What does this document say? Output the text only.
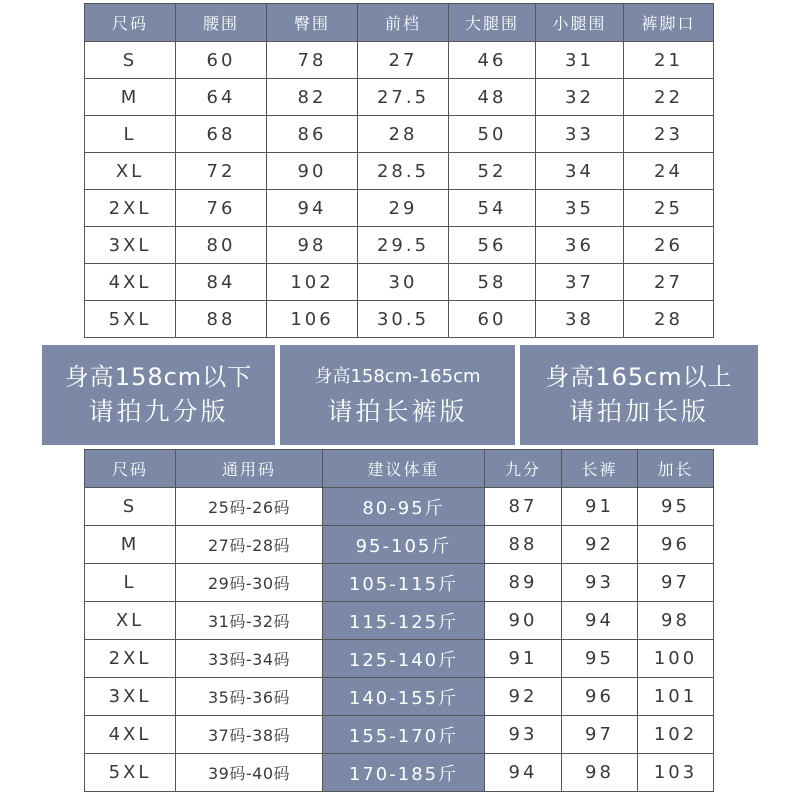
尺码	腰围	臀围	前档	大腿围	小腿围	裤脚口
S	60	78	27	46	31	21
M	64	82	27.5	48	32	22
L	68	86	28	50	33	23
XL	72	90	28.5	52	34	24
2XL	76	94	29	54	35	25
3XL	80	98	29.5	56	36	26
4XL	84	102	30	58	37	27
5XL	88	106	30.5	60	38	28
身高158cm以下
请拍九分版
身高158cm-165cm
请拍长裤版
身高165cm以上
请拍加长版
尺码	通用码	建议体重	九分	长裤	加长
S	25码-26码	80-95斤	87	91	95
M	27码-28码	95-105斤	88	92	96
L	29码-30码	105-115斤	89	93	97
XL	31码-32码	115-125斤	90	94	98
2XL	33码-34码	125-140斤	91	95	100
3XL	35码-36码	140-155斤	92	96	101
4XL	37码-38码	155-170斤	93	97	102
5XL	39码-40码	170-185斤	94	98	103
